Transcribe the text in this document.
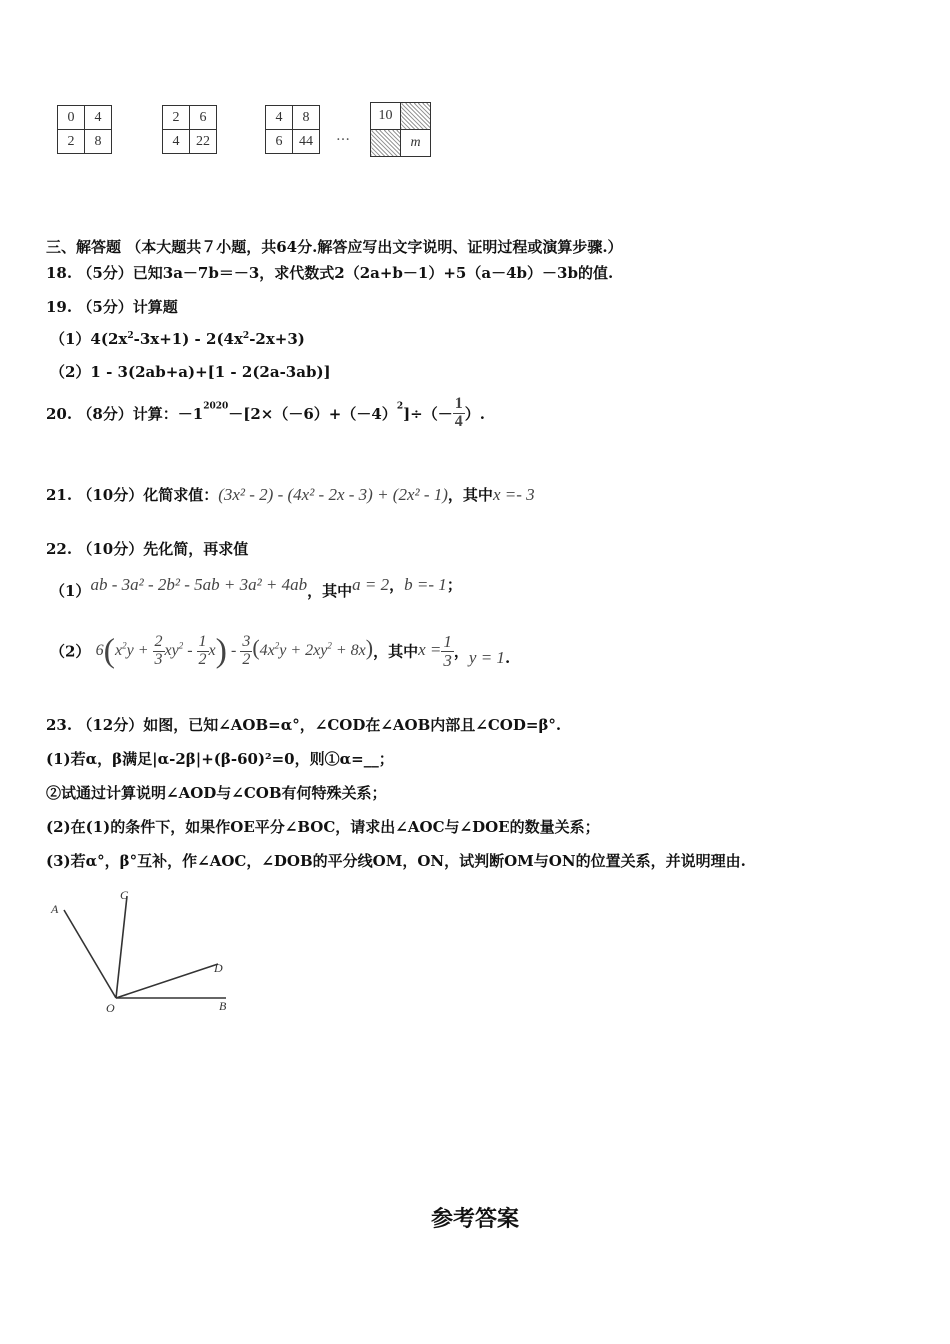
0	4
2	8
2	6
4	22
4	8
6	44 …
10	
	m
三、解答题 （本大题共７小题，共64分.解答应写出文字说明、证明过程或演算步骤.）
18. （5分）已知3a－7b＝－3，求代数式2（2a+b－1）+5（a－4b）－3b的值.
19. （5分）计算题
$(1)4(2x^2-3x+1) - 2(4x^2-2x+3)$
（2）1 - 3(2ab+a)+[1 - 2(2a-3ab)]
20. （8分）计算：$-1^{2020}-[2\times(-6)+(-4)^2]\div(- \frac{1}{4}$ ）.
21. （10分）化简求值：(3x² - 2) - (4x² - 2x - 3) + (2x² - 1)，其中x =- 3
22. （10分）先化简，再求值
（1）ab - 3a² - 2b² - 5ab + 3a² + 4ab，其中a = 2，b =- 1；
（2） $6(x^2y + \frac{2}{3} xy^2 - \frac{1}{2} x) - \frac{3}{2} (4x^2y + 2xy^2 + 8x)$，其中$x = \frac{1}{3}$ ，y = 1.
23. （12分）如图，已知∠AOB=α°，∠COD在∠AOB内部且∠COD=β°.
(1)若α，β满足|α-2β|+(β-60)²=0，则①α=__；
②试通过计算说明∠AOD与∠COB有何特殊关系；
(2)在(1)的条件下，如果作OE平分∠BOC，请求出∠AOC与∠DOE的数量关系；
(3)若α°，β°互补，作∠AOC，∠DOB的平分线OM，ON，试判断OM与ON的位置关系，并说明理由.
A
C
D
O	B
参考答案
